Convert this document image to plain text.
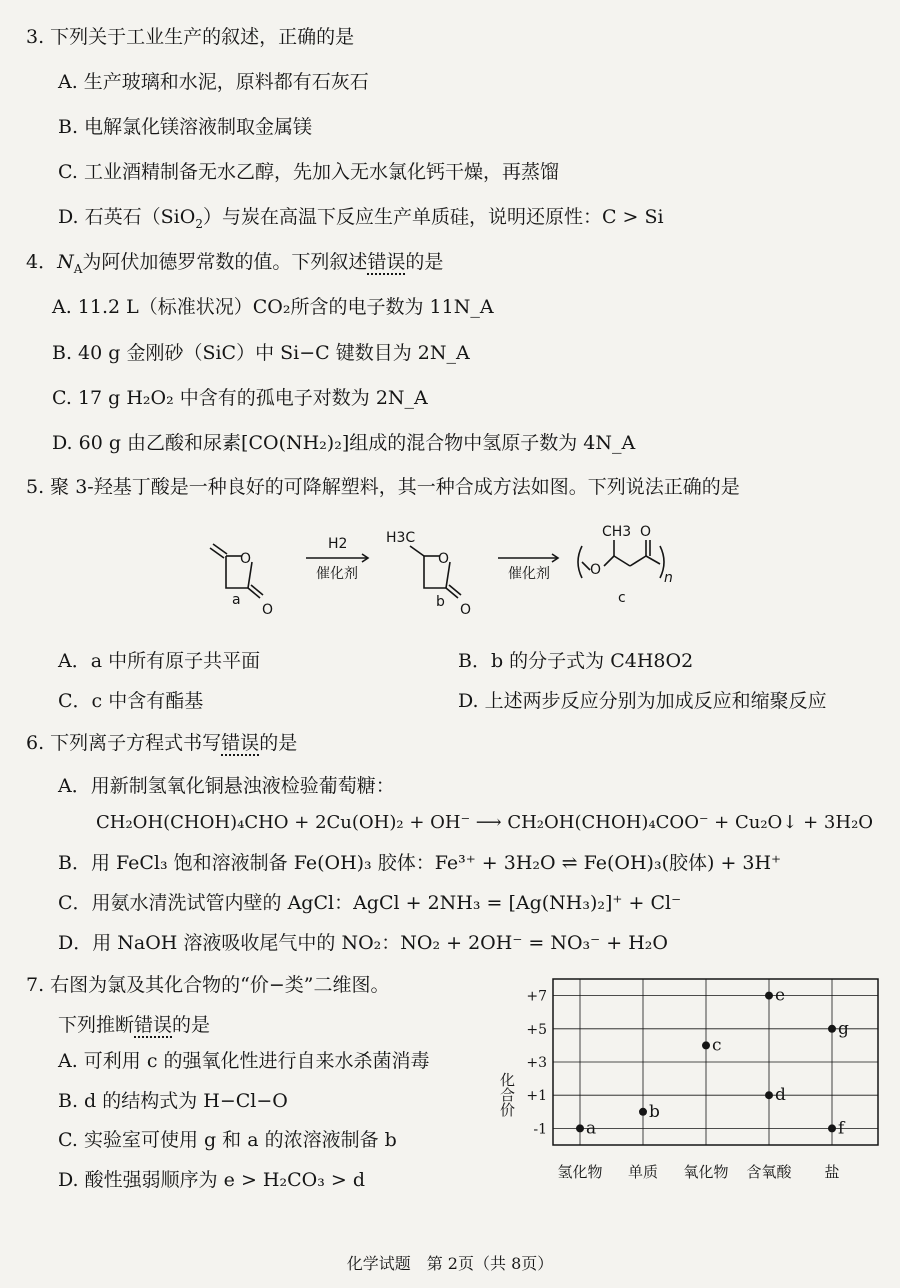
3. 下列关于工业生产的叙述，正确的是
A. 生产玻璃和水泥，原料都有石灰石
B. 电解氯化镁溶液制取金属镁
C. 工业酒精制备无水乙醇，先加入无水氯化钙干燥，再蒸馏
D. 石英石（SiO$_2$）与炭在高温下反应生产单质硅，说明还原性：C > Si
4．$N_A$为阿伏加德罗常数的值。下列叙述错误的是
A. 11.2 L（标准状况）CO₂所含的电子数为 11N_A
B. 40 g 金刚砂（SiC）中 Si−C 键数目为 2N_A
C. 17 g H₂O₂ 中含有的孤电子对数为 2N_A
D. 60 g 由乙酸和尿素[CO(NH₂)₂]组成的混合物中氢原子数为 4N_A
5. 聚 3-羟基丁酸是一种良好的可降解塑料，其一种合成方法如图。下列说法正确的是
O
O
H2
催化剂
H3C
O
O
催化剂	O
CH3 O
n
a	b	c
A．a 中所有原子共平面	B．b 的分子式为 C4H8O2
C．c 中含有酯基	D. 上述两步反应分别为加成反应和缩聚反应
6. 下列离子方程式书写错误的是
A．用新制氢氧化铜悬浊液检验葡萄糖：
CH₂OH(CHOH)₄CHO + 2Cu(OH)₂ + OH⁻ ⟶ CH₂OH(CHOH)₄COO⁻ + Cu₂O↓ + 3H₂O
B．用 FeCl₃ 饱和溶液制备 Fe(OH)₃ 胶体：Fe³⁺ + 3H₂O ⇌ Fe(OH)₃(胶体) + 3H⁺
C．用氨水清洗试管内壁的 AgCl：AgCl + 2NH₃ = [Ag(NH₃)₂]⁺ + Cl⁻
D．用 NaOH 溶液吸收尾气中的 NO₂：NO₂ + 2OH⁻ = NO₃⁻ + H₂O
7. 右图为氯及其化合物的“价−类”二维图。
下列推断错误的是
A. 可利用 c 的强氧化性进行自来水杀菌消毒
B. d 的结构式为 H−Cl−O
C. 实验室可使用 g 和 a 的浓溶液制备 b
D. 酸性强弱顺序为 e > H₂CO₃ > d
化合价
+7
+5
+3
+1
-1
氢化物 单质 氧化物 含氧酸 盐
a
b
c
d
e
f
g
化学试题　第 2页（共 8页）
